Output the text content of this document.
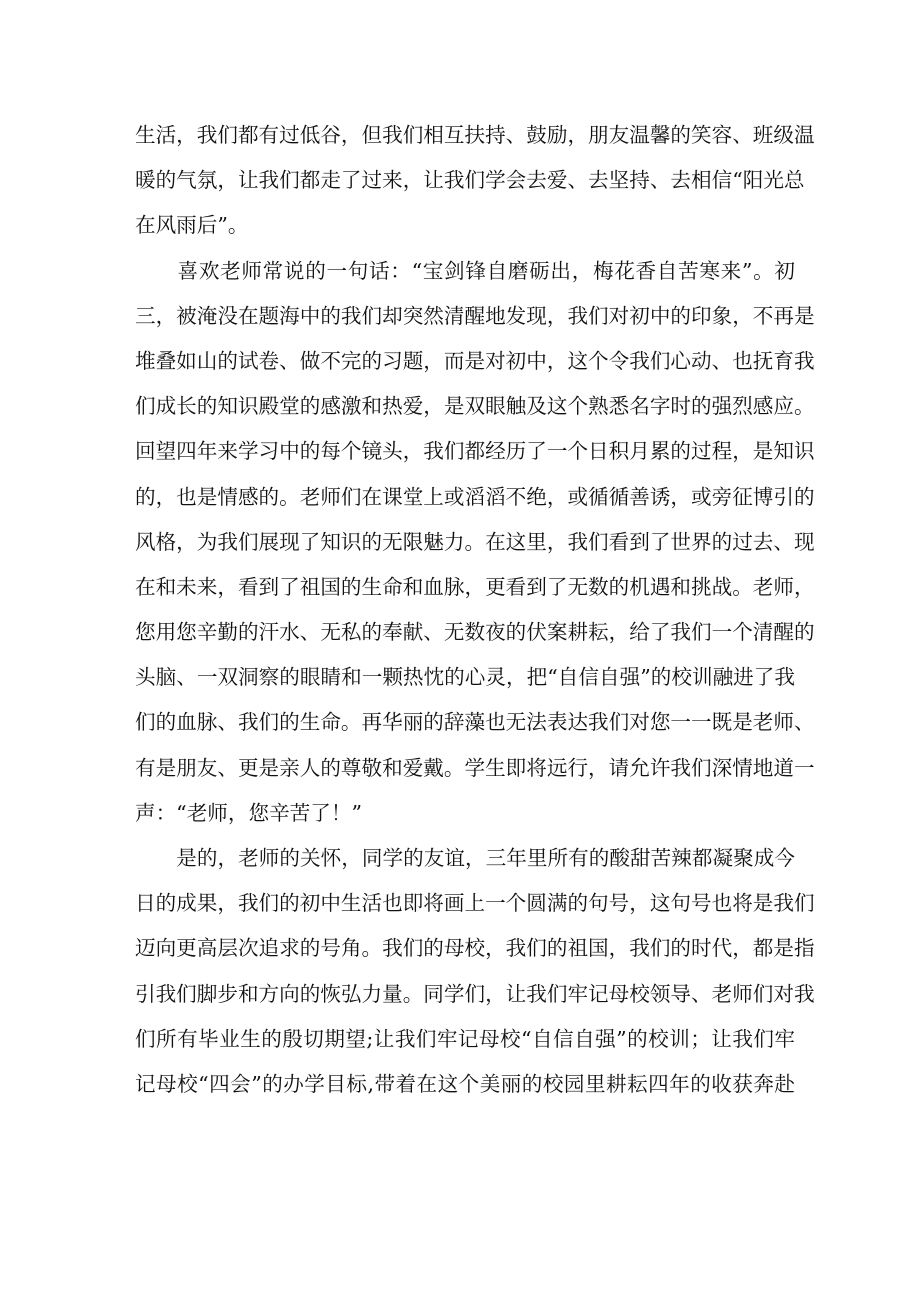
生活，我们都有过低谷，但我们相互扶持、鼓励，朋友温馨的笑容、班级温
暖的气氛，让我们都走了过来，让我们学会去爱、去坚持、去相信“阳光总
在风雨后”。
　　喜欢老师常说的一句话：“宝剑锋自磨砺出，梅花香自苦寒来”。初
三，被淹没在题海中的我们却突然清醒地发现，我们对初中的印象，不再是
堆叠如山的试卷、做不完的习题，而是对初中，这个令我们心动、也抚育我
们成长的知识殿堂的感激和热爱，是双眼触及这个熟悉名字时的强烈感应。
回望四年来学习中的每个镜头，我们都经历了一个日积月累的过程，是知识
的，也是情感的。老师们在课堂上或滔滔不绝，或循循善诱，或旁征博引的
风格，为我们展现了知识的无限魅力。在这里，我们看到了世界的过去、现
在和未来，看到了祖国的生命和血脉，更看到了无数的机遇和挑战。老师，
您用您辛勤的汗水、无私的奉献、无数夜的伏案耕耘，给了我们一个清醒的
头脑、一双洞察的眼睛和一颗热忱的心灵，把“自信自强”的校训融进了我
们的血脉、我们的生命。再华丽的辞藻也无法表达我们对您一一既是老师、
有是朋友、更是亲人的尊敬和爱戴。学生即将远行，请允许我们深情地道一
声：“老师，您辛苦了！”
　　是的，老师的关怀，同学的友谊，三年里所有的酸甜苦辣都凝聚成今
日的成果，我们的初中生活也即将画上一个圆满的句号，这句号也将是我们
迈向更高层次追求的号角。我们的母校，我们的祖国，我们的时代，都是指
引我们脚步和方向的恢弘力量。同学们，让我们牢记母校领导、老师们对我
们所有毕业生的殷切期望;让我们牢记母校“自信自强”的校训；让我们牢
记母校“四会”的办学目标,带着在这个美丽的校园里耕耘四年的收获奔赴
